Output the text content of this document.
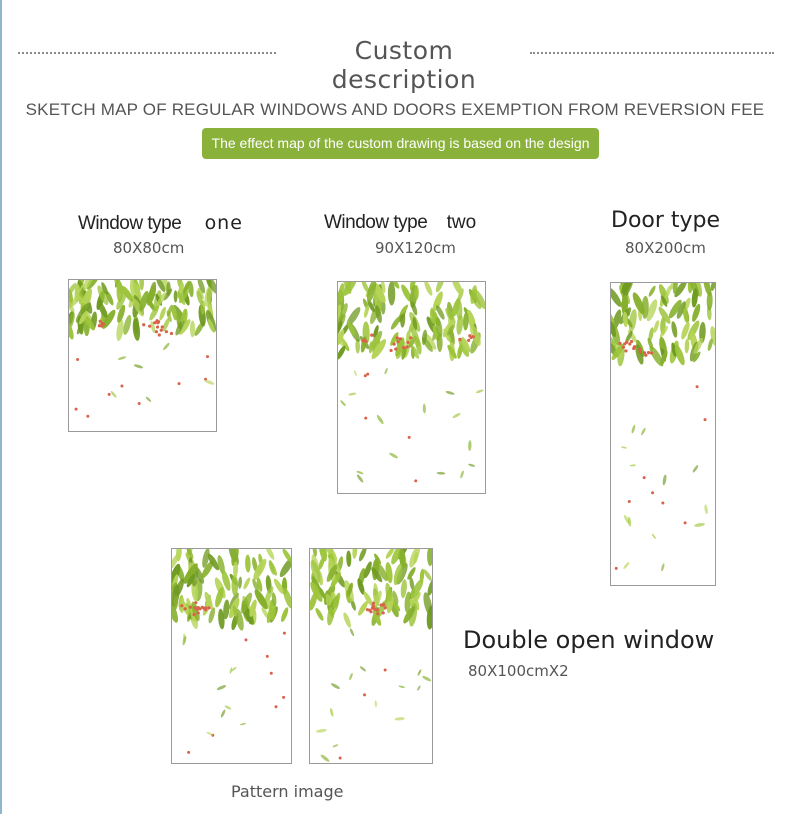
Custom description
SKETCH MAP OF REGULAR WINDOWS AND DOORS EXEMPTION FROM REVERSION FEE
The effect map of the custom drawing is based on the design
Window type one
80X80cm
Window type two
90X120cm
Door type
80X200cm
Double open window
80X100cmX2
Pattern image
